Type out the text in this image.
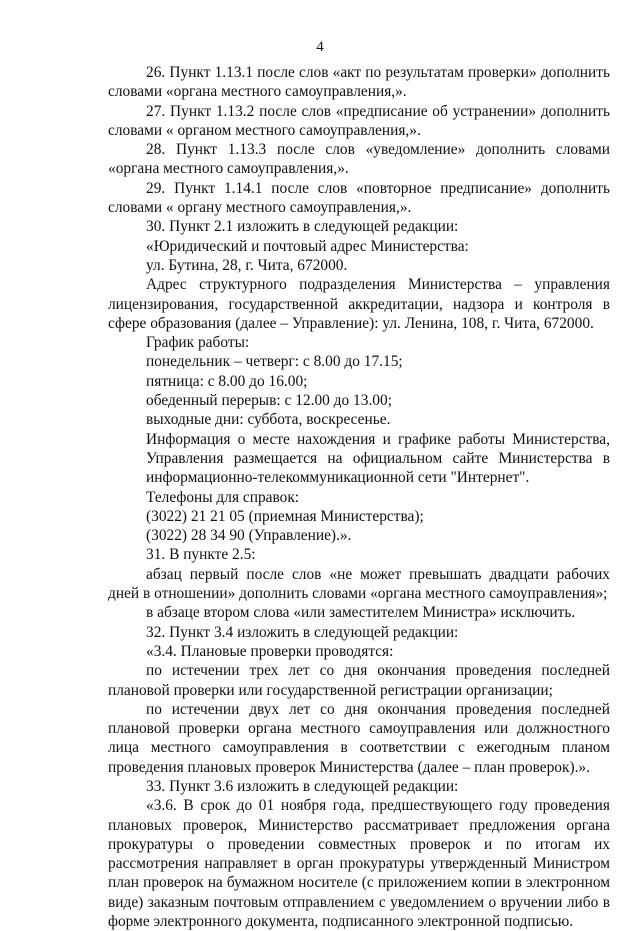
4

26. Пункт 1.13.1 после слов «акт по результатам проверки» дополнить словами «органа местного самоуправления,».

27. Пункт 1.13.2 после слов «предписание об устранении» дополнить словами « органом местного самоуправления,».

28. Пункт 1.13.3 после слов «уведомление» дополнить словами «органа местного самоуправления,».

29. Пункт 1.14.1 после слов «повторное предписание» дополнить словами « органу местного самоуправления,».

30. Пункт 2.1 изложить в следующей редакции:

«Юридический и почтовый адрес Министерства:

ул. Бутина, 28, г. Чита, 672000.

Адрес структурного подразделения Министерства – управления лицензирования, государственной аккредитации, надзора и контроля в сфере образования (далее – Управление): ул. Ленина, 108, г. Чита, 672000.

График работы:

понедельник – четверг: с 8.00 до 17.15;

пятница: с 8.00 до 16.00;

обеденный перерыв: с 12.00 до 13.00;

выходные дни: суббота, воскресенье.

Информация о месте нахождения и графике работы Министерства, Управления размещается на официальном сайте Министерства в информационно-телекоммуникационной сети "Интернет".

Телефоны для справок:

(3022) 21 21 05 (приемная Министерства);

(3022) 28 34 90 (Управление).».

31. В пункте 2.5:

абзац первый после слов «не может превышать двадцати рабочих дней в отношении» дополнить словами «органа местного самоуправления»;

в абзаце втором слова «или заместителем Министра» исключить.

32. Пункт 3.4 изложить в следующей редакции:

«3.4. Плановые проверки проводятся:

по истечении трех лет со дня окончания проведения последней плановой проверки или государственной регистрации организации;

по истечении двух лет со дня окончания проведения последней плановой проверки органа местного самоуправления или должностного лица местного самоуправления в соответствии с ежегодным планом проведения плановых проверок Министерства (далее – план проверок).».

33. Пункт 3.6 изложить в следующей редакции:

«3.6. В срок до 01 ноября года, предшествующего году проведения плановых проверок, Министерство рассматривает предложения органа прокуратуры о проведении совместных проверок и по итогам их рассмотрения направляет в орган прокуратуры утвержденный Министром план проверок на бумажном носителе (с приложением копии в электронном виде) заказным почтовым отправлением с уведомлением о вручении либо в форме электронного документа, подписанного электронной подписью.
